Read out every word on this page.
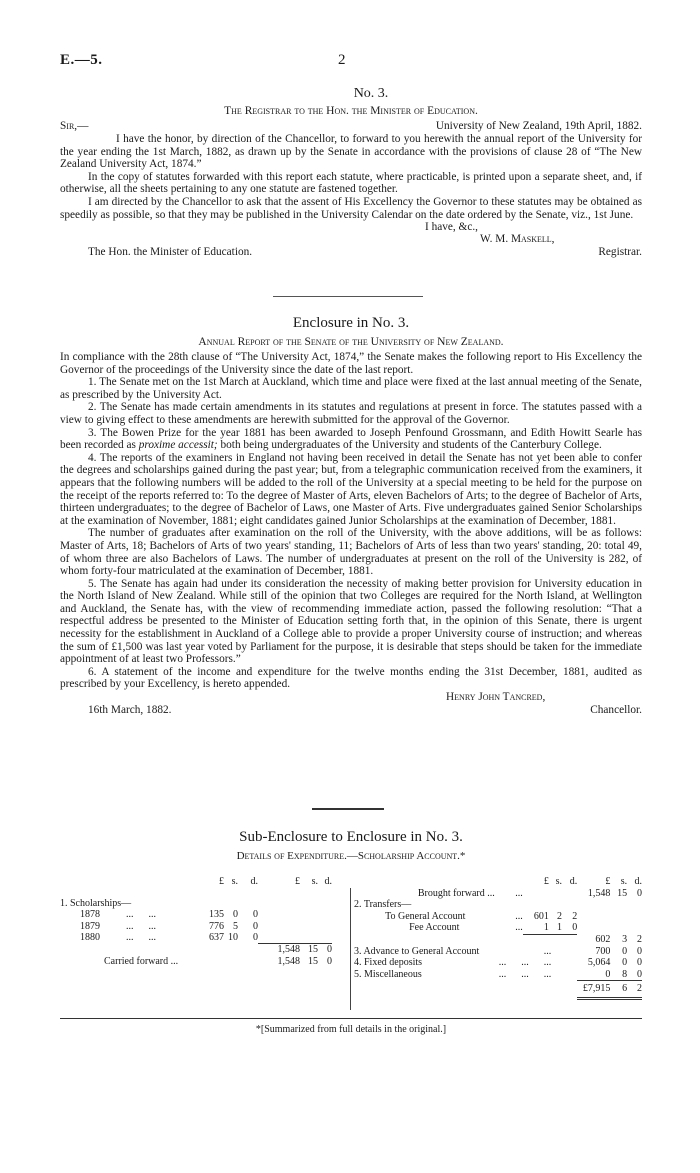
E.—5.	2
No. 3.
The Registrar to the Hon. the Minister of Education.
Sir,—	University of New Zealand, 19th April, 1882.

I have the honor, by direction of the Chancellor, to forward to you herewith the annual report of the University for the year ending the 1st March, 1882, as drawn up by the Senate in accordance with the provisions of clause 28 of “The New Zealand University Act, 1874.”

In the copy of statutes forwarded with this report each statute, where practicable, is printed upon a separate sheet, and, if otherwise, all the sheets pertaining to any one statute are fastened together.

I am directed by the Chancellor to ask that the assent of His Excellency the Governor to these statutes may be obtained as speedily as possible, so that they may be published in the University Calendar on the date ordered by the Senate, viz., 1st June.

I have, &c.,
W. M. Maskell,
The Hon. the Minister of Education.	Registrar.
Enclosure in No. 3.
Annual Report of the Senate of the University of New Zealand.

In compliance with the 28th clause of “The University Act, 1874,” the Senate makes the following report to His Excellency the Governor of the proceedings of the University since the date of the last report.

1. The Senate met on the 1st March at Auckland, which time and place were fixed at the last annual meeting of the Senate, as prescribed by the University Act.

2. The Senate has made certain amendments in its statutes and regulations at present in force. The statutes passed with a view to giving effect to these amendments are herewith submitted for the approval of the Governor.

3. The Bowen Prize for the year 1881 has been awarded to Joseph Penfound Grossmann, and Edith Howitt Searle has been recorded as proxime accessit; both being undergraduates of the University and students of the Canterbury College.

4. The reports of the examiners in England not having been received in detail the Senate has not yet been able to confer the degrees and scholarships gained during the past year; but, from a telegraphic communication received from the examiners, it appears that the following numbers will be added to the roll of the University at a special meeting to be held for the purpose on the receipt of the reports referred to: To the degree of Master of Arts, eleven Bachelors of Arts; to the degree of Bachelor of Arts, thirteen undergraduates; to the degree of Bachelor of Laws, one Master of Arts. Five undergraduates gained Senior Scholarships at the examination of November, 1881; eight candidates gained Junior Scholarships at the examination of December, 1881.

The number of graduates after examination on the roll of the University, with the above additions, will be as follows: Master of Arts, 18; Bachelors of Arts of two years' standing, 11; Bachelors of Arts of less than two years' standing, 20: total 49, of whom three are also Bachelors of Laws. The number of undergraduates at present on the roll of the University is 282, of whom forty-four matriculated at the examination of December, 1881.

5. The Senate has again had under its consideration the necessity of making better provision for University education in the North Island of New Zealand. While still of the opinion that two Colleges are required for the North Island, at Wellington and Auckland, the Senate has, with the view of recommending immediate action, passed the following resolution: “That a respectful address be presented to the Minister of Education setting forth that, in the opinion of this Senate, there is urgent necessity for the establishment in Auckland of a College able to provide a proper University course of instruction; and whereas the sum of £1,500 was last year voted by Parliament for the purpose, it is desirable that steps should be taken for the immediate appointment of at least two Professors.”

6. A statement of the income and expenditure for the twelve months ending the 31st December, 1881, audited as prescribed by your Excellency, is hereto appended.

Henry John Tancred,
16th March, 1882.	Chancellor.
Sub-Enclosure to Enclosure in No. 3.
Details of Expenditure.—Scholarship Account.*
			£	s.	d.	£	s.	d.	

1. Scholarships—									
	1878	...      ...	135	0	0				
	1879	...      ...	776	5	0				
	1880	...      ...	637	10	0				
						1,548	15	0	
	Carried forward ...					1,548	15	0	
			£	s.	d.	£	s.	d.
Brought forward ...		...				1,548	15	0
2. Transfers—								
	To General Account	...	601	2	2			
	Fee Account	...	1	1	0			
						602	3	2
3. Advance to General Account		...				700	0	0
4. Fixed deposits		...      ...      ...				5,064	0	0
5. Miscellaneous		...      ...      ...				0	8	0
						£7,915	6	2
*[Summarized from full details in the original.]
